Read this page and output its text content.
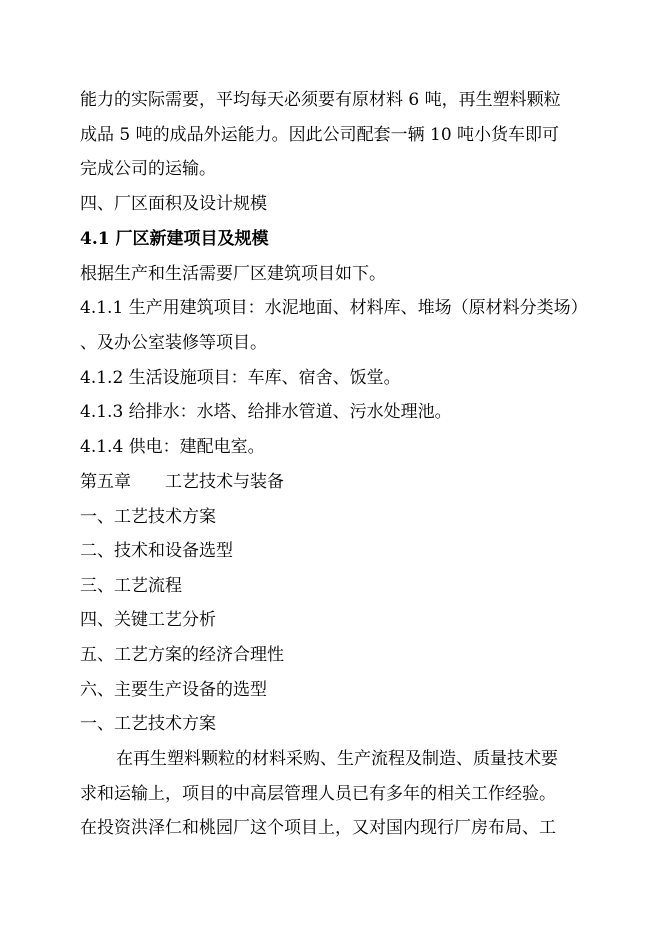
能力的实际需要，平均每天必须要有原材料 6 吨，再生塑料颗粒
成品 5 吨的成品外运能力。因此公司配套一辆 10 吨小货车即可
完成公司的运输。
四、厂区面积及设计规模
4.1 厂区新建项目及规模
根据生产和生活需要厂区建筑项目如下。
4.1.1 生产用建筑项目：水泥地面、材料库、堆场（原材料分类场）
、及办公室装修等项目。
4.1.2 生活设施项目：车库、宿舍、饭堂。
4.1.3 给排水：水塔、给排水管道、污水处理池。
4.1.4 供电：建配电室。
第五章 工艺技术与装备
一、工艺技术方案
二、技术和设备选型
三、工艺流程
四、关键工艺分析
五、工艺方案的经济合理性
六、主要生产设备的选型
一、工艺技术方案
在再生塑料颗粒的材料采购、生产流程及制造、质量技术要
求和运输上，项目的中高层管理人员已有多年的相关工作经验。
在投资洪泽仁和桃园厂这个项目上，又对国内现行厂房布局、工
